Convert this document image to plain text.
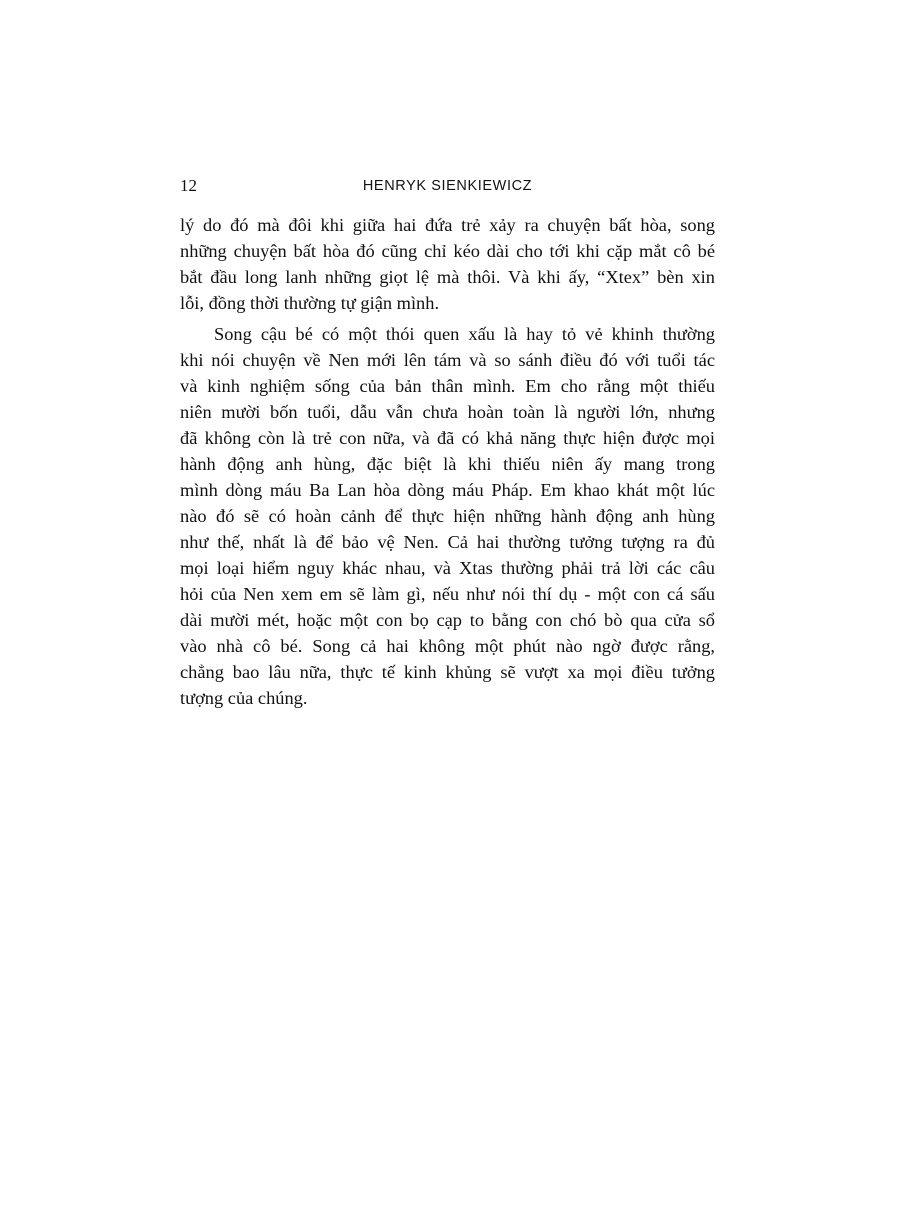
12	HENRYK SIENKIEWICZ

lý do đó mà đôi khi giữa hai đứa trẻ xảy ra chuyện bất hòa, song

những chuyện bất hòa đó cũng chỉ kéo dài cho tới khi cặp mắt cô bé

bắt đầu long lanh những giọt lệ mà thôi. Và khi ấy, “Xtex” bèn xin

lỗi, đồng thời thường tự giận mình.

Song cậu bé có một thói quen xấu là hay tỏ vẻ khinh thường

khi nói chuyện về Nen mới lên tám và so sánh điều đó với tuổi tác

và kinh nghiệm sống của bản thân mình. Em cho rằng một thiếu

niên mười bốn tuổi, dẫu vẫn chưa hoàn toàn là người lớn, nhưng

đã không còn là trẻ con nữa, và đã có khả năng thực hiện được mọi

hành động anh hùng, đặc biệt là khi thiếu niên ấy mang trong

mình dòng máu Ba Lan hòa dòng máu Pháp. Em khao khát một lúc

nào đó sẽ có hoàn cảnh để thực hiện những hành động anh hùng

như thế, nhất là để bảo vệ Nen. Cả hai thường tưởng tượng ra đủ

mọi loại hiểm nguy khác nhau, và Xtas thường phải trả lời các câu

hỏi của Nen xem em sẽ làm gì, nếu như nói thí dụ - một con cá sấu

dài mười mét, hoặc một con bọ cạp to bằng con chó bò qua cửa sổ

vào nhà cô bé. Song cả hai không một phút nào ngờ được rằng,

chẳng bao lâu nữa, thực tế kinh khủng sẽ vượt xa mọi điều tưởng

tượng của chúng.
